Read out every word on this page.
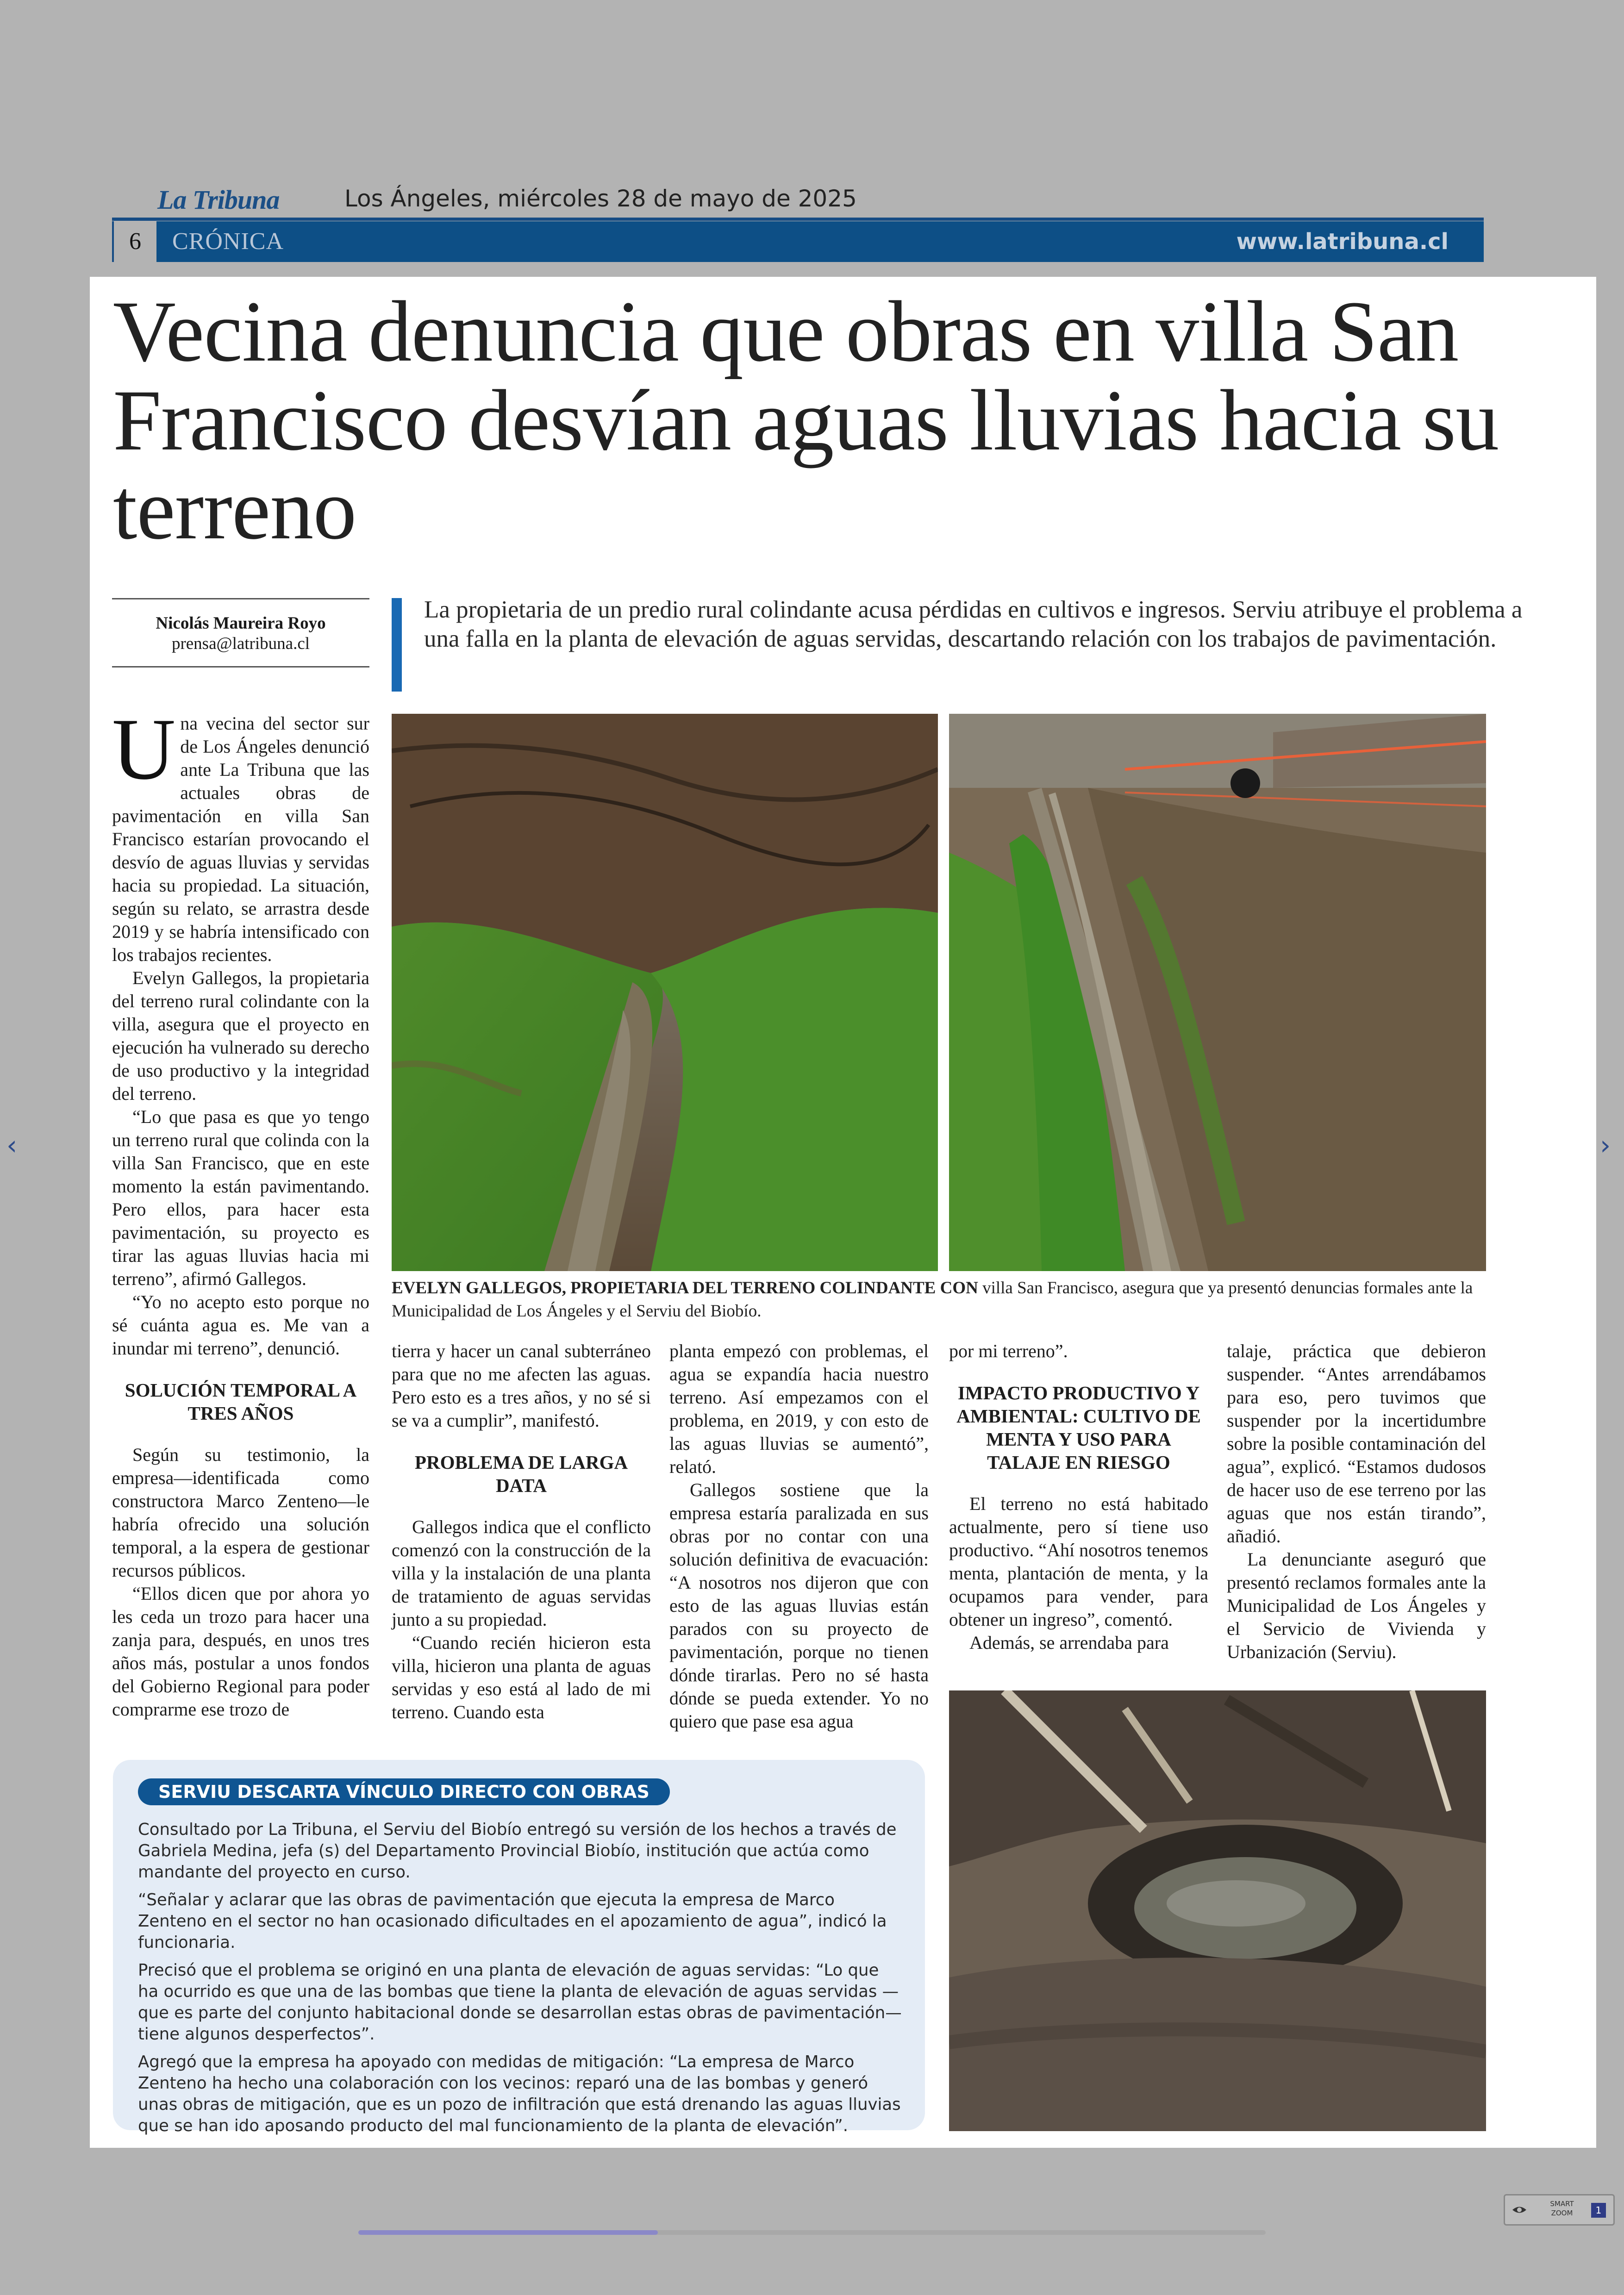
La Tribuna	Los Ángeles, miércoles 28 de mayo de 2025
6	CRÓNICA	www.latribuna.cl
Vecina denuncia que obras en villa San Francisco desvían aguas lluvias hacia su terreno
Nicolás Maureira Royo
prensa@latribuna.cl
La propietaria de un predio rural colindante acusa pérdidas en cultivos e ingresos. Serviu atribuye el problema a una falla en la planta de elevación de aguas servidas, descartando relación con los trabajos de pavimentación.
EVELYN GALLEGOS, PROPIETARIA DEL TERRENO COLINDANTE CON villa San Francisco, asegura que ya presentó denuncias formales ante la Municipalidad de Los Ángeles y el Serviu del Biobío.

Una vecina del sector sur de Los Ángeles denunció ante La Tribuna que las actuales obras de pavimentación en villa San Francisco estarían provocando el desvío de aguas lluvias y servidas hacia su propiedad. La situación, según su relato, se arrastra desde 2019 y se habría intensificado con los trabajos recientes.

Evelyn Gallegos, la propietaria del terreno rural colindante con la villa, asegura que el proyecto en ejecución ha vulnerado su derecho de uso productivo y la integridad del terreno.

“Lo que pasa es que yo tengo un terreno rural que colinda con la villa San Francisco, que en este momento la están pavimentando. Pero ellos, para hacer esta pavimentación, su proyecto es tirar las aguas lluvias hacia mi terreno”, afirmó Gallegos.

“Yo no acepto esto porque no sé cuánta agua es. Me van a inundar mi terreno”, denunció.

SOLUCIÓN TEMPORAL A TRES AÑOS

Según su testimonio, la empresa—identificada como constructora Marco Zenteno—le habría ofrecido una solución temporal, a la espera de gestionar recursos públicos.

“Ellos dicen que por ahora yo les ceda un trozo para hacer una zanja para, después, en unos tres años más, postular a unos fondos del Gobierno Regional para poder comprarme ese trozo de

tierra y hacer un canal subterráneo para que no me afecten las aguas. Pero esto es a tres años, y no sé si se va a cumplir”, manifestó.

PROBLEMA DE LARGA DATA

Gallegos indica que el conflicto comenzó con la construcción de la villa y la instalación de una planta de tratamiento de aguas servidas junto a su propiedad.

“Cuando recién hicieron esta villa, hicieron una planta de aguas servidas y eso está al lado de mi terreno. Cuando esta

planta empezó con problemas, el agua se expandía hacia nuestro terreno. Así empezamos con el problema, en 2019, y con esto de las aguas lluvias se aumentó”, relató.

Gallegos sostiene que la empresa estaría paralizada en sus obras por no contar con una solución definitiva de evacuación: “A nosotros nos dijeron que con esto de las aguas lluvias están parados con su proyecto de pavimentación, porque no tienen dónde tirarlas. Pero no sé hasta dónde se pueda extender. Yo no quiero que pase esa agua

por mi terreno”.

IMPACTO PRODUCTIVO Y AMBIENTAL: CULTIVO DE MENTA Y USO PARA TALAJE EN RIESGO

El terreno no está habitado actualmente, pero sí tiene uso productivo. “Ahí nosotros tenemos menta, plantación de menta, y la ocupamos para vender, para obtener un ingreso”, comentó.

Además, se arrendaba para

talaje, práctica que debieron suspender. “Antes arrendábamos para eso, pero tuvimos que suspender por la incertidumbre sobre la posible contaminación del agua”, explicó. “Estamos dudosos de hacer uso de ese terreno por las aguas que nos están tirando”, añadió.

La denunciante aseguró que presentó reclamos formales ante la Municipalidad de Los Ángeles y el Servicio de Vivienda y Urbanización (Serviu).

SERVIU DESCARTA VÍNCULO DIRECTO CON OBRAS

Consultado por La Tribuna, el Serviu del Biobío entregó su versión de los hechos a través de Gabriela Medina, jefa (s) del Departamento Provincial Biobío, institución que actúa como mandante del proyecto en curso.

“Señalar y aclarar que las obras de pavimentación que ejecuta la empresa de Marco Zenteno en el sector no han ocasionado dificultades en el apozamiento de agua”, indicó la funcionaria.

Precisó que el problema se originó en una planta de elevación de aguas servidas: “Lo que ha ocurrido es que una de las bombas que tiene la planta de elevación de aguas servidas —que es parte del conjunto habitacional donde se desarrollan estas obras de pavimentación— tiene algunos desperfectos”.

Agregó que la empresa ha apoyado con medidas de mitigación: “La empresa de Marco Zenteno ha hecho una colaboración con los vecinos: reparó una de las bombas y generó unas obras de mitigación, que es un pozo de infiltración que está drenando las aguas lluvias que se han ido aposando producto del mal funcionamiento de la planta de elevación”.

‹	›
SMART ZOOM	1
